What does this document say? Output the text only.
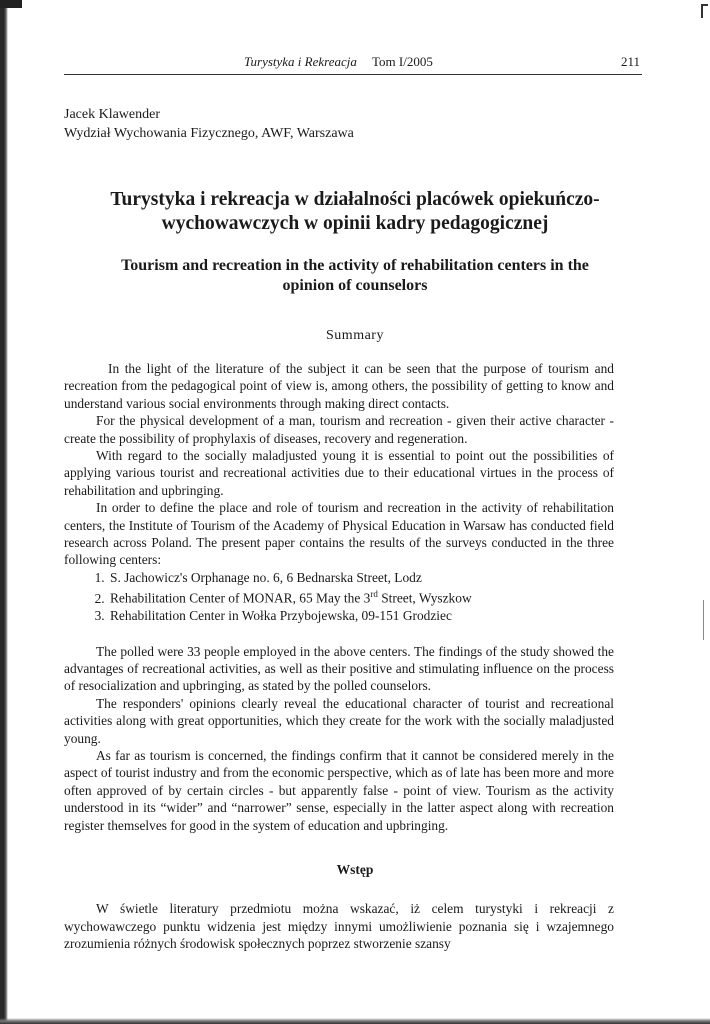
Turystyka i Rekreacja Tom I/2005	211
Jacek Klawender
Wydział Wychowania Fizycznego, AWF, Warszawa
Turystyka i rekreacja w działalności placówek opiekuńczo-
wychowawczych w opinii kadry pedagogicznej
Tourism and recreation in the activity of rehabilitation centers in the
opinion of counselors
Summary

In the light of the literature of the subject it can be seen that the purpose of tourism and recreation from the pedagogical point of view is, among others, the possibility of getting to know and understand various social environments through making direct contacts.

For the physical development of a man, tourism and recreation - given their active character - create the possibility of prophylaxis of diseases, recovery and regeneration.

With regard to the socially maladjusted young it is essential to point out the possibilities of applying various tourist and recreational activities due to their educational virtues in the process of rehabilitation and upbringing.

In order to define the place and role of tourism and recreation in the activity of rehabilitation centers, the Institute of Tourism of the Academy of Physical Education in Warsaw has conducted field research across Poland. The present paper contains the results of the surveys conducted in the three following centers:

1. S. Jachowicz's Orphanage no. 6, 6 Bednarska Street, Lodz
2. Rehabilitation Center of MONAR, 65 May the 3rd Street, Wyszkow
3. Rehabilitation Center in Wołka Przybojewska, 09-151 Grodziec

The polled were 33 people employed in the above centers. The findings of the study showed the advantages of recreational activities, as well as their positive and stimulating influence on the process of resocialization and upbringing, as stated by the polled counselors.

The responders' opinions clearly reveal the educational character of tourist and recreational activities along with great opportunities, which they create for the work with the socially maladjusted young.

As far as tourism is concerned, the findings confirm that it cannot be considered merely in the aspect of tourist industry and from the economic perspective, which as of late has been more and more often approved of by certain circles - but apparently false - point of view. Tourism as the activity understood in its “wider” and “narrower” sense, especially in the latter aspect along with recreation register themselves for good in the system of education and upbringing.

Wstęp

W świetle literatury przedmiotu można wskazać, iż celem turystyki i rekreacji z wychowawczego punktu widzenia jest między innymi umożliwienie poznania się i wzajemnego zrozumienia różnych środowisk społecznych poprzez stworzenie szansy
